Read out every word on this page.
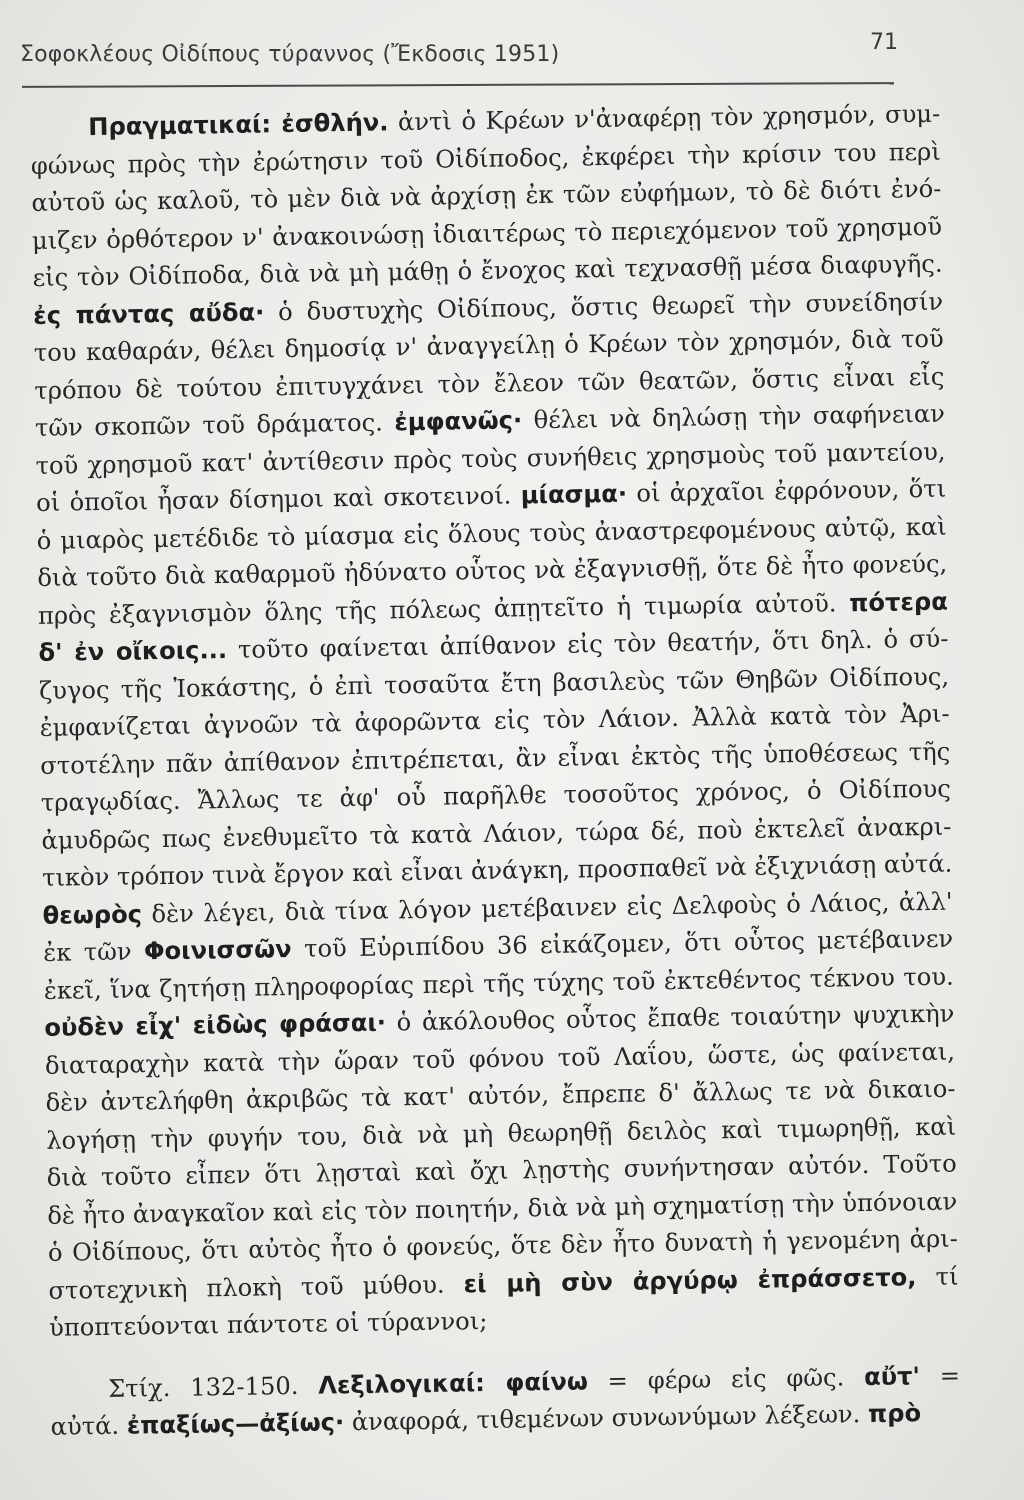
Σοφοκλέους Οἰδίπους τύραννος (Ἔκδοσις 1951)	71
Πραγματικαί: ἐσθλήν. ἀντὶ ὁ Κρέων ν'ἀναφέρῃ τὸν χρησμόν, συμ-
φώνως πρὸς τὴν ἐρώτησιν τοῦ Οἰδίποδος, ἐκφέρει τὴν κρίσιν του περὶ
αὐτοῦ ὡς καλοῦ, τὸ μὲν διὰ νὰ ἀρχίσῃ ἐκ τῶν εὐφήμων, τὸ δὲ διότι ἐνό-
μιζεν ὀρθότερον ν' ἀνακοινώσῃ ἰδιαιτέρως τὸ περιεχόμενον τοῦ χρησμοῦ
εἰς τὸν Οἰδίποδα, διὰ νὰ μὴ μάθῃ ὁ ἔνοχος καὶ τεχνασθῇ μέσα διαφυγῆς.
ἐς πάντας αὔδα· ὁ δυστυχὴς Οἰδίπους, ὅστις θεωρεῖ τὴν συνείδησίν
του καθαράν, θέλει δημοσίᾳ ν' ἀναγγείλῃ ὁ Κρέων τὸν χρησμόν, διὰ τοῦ
τρόπου δὲ τούτου ἐπιτυγχάνει τὸν ἔλεον τῶν θεατῶν, ὅστις εἶναι εἷς
τῶν σκοπῶν τοῦ δράματος. ἐμφανῶς· θέλει νὰ δηλώσῃ τὴν σαφήνειαν
τοῦ χρησμοῦ κατ' ἀντίθεσιν πρὸς τοὺς συνήθεις χρησμοὺς τοῦ μαντείου,
οἱ ὁποῖοι ἦσαν δίσημοι καὶ σκοτεινοί. μίασμα· οἱ ἀρχαῖοι ἐφρόνουν, ὅτι
ὁ μιαρὸς μετέδιδε τὸ μίασμα εἰς ὅλους τοὺς ἀναστρεφομένους αὐτῷ, καὶ
διὰ τοῦτο διὰ καθαρμοῦ ἠδύνατο οὗτος νὰ ἐξαγνισθῇ, ὅτε δὲ ἦτο φονεύς,
πρὸς ἐξαγνισμὸν ὅλης τῆς πόλεως ἀπῃτεῖτο ἡ τιμωρία αὐτοῦ. πότερα
δ' ἐν οἴκοις... τοῦτο φαίνεται ἀπίθανον εἰς τὸν θεατήν, ὅτι δηλ. ὁ σύ-
ζυγος τῆς Ἰοκάστης, ὁ ἐπὶ τοσαῦτα ἔτη βασιλεὺς τῶν Θηβῶν Οἰδίπους,
ἐμφανίζεται ἀγνοῶν τὰ ἀφορῶντα εἰς τὸν Λάιον. Ἀλλὰ κατὰ τὸν Ἀρι-
στοτέλην πᾶν ἀπίθανον ἐπιτρέπεται, ἂν εἶναι ἐκτὸς τῆς ὑποθέσεως τῆς
τραγῳδίας. Ἄλλως τε ἀφ' οὗ παρῆλθε τοσοῦτος χρόνος, ὁ Οἰδίπους
ἀμυδρῶς πως ἐνεθυμεῖτο τὰ κατὰ Λάιον, τώρα δέ, ποὺ ἐκτελεῖ ἀνακρι-
τικὸν τρόπον τινὰ ἔργον καὶ εἶναι ἀνάγκη, προσπαθεῖ νὰ ἐξιχνιάσῃ αὐτά.
θεωρὸς δὲν λέγει, διὰ τίνα λόγον μετέβαινεν εἰς Δελφοὺς ὁ Λάιος, ἀλλ'
ἐκ τῶν Φοινισσῶν τοῦ Εὐριπίδου 36 εἰκάζομεν, ὅτι οὗτος μετέβαινεν
ἐκεῖ, ἵνα ζητήσῃ πληροφορίας περὶ τῆς τύχης τοῦ ἐκτεθέντος τέκνου του.
οὐδὲν εἶχ' εἰδὼς φράσαι· ὁ ἀκόλουθος οὗτος ἔπαθε τοιαύτην ψυχικὴν
διαταραχὴν κατὰ τὴν ὥραν τοῦ φόνου τοῦ Λαΐου, ὥστε, ὡς φαίνεται,
δὲν ἀντελήφθη ἀκριβῶς τὰ κατ' αὐτόν, ἔπρεπε δ' ἄλλως τε νὰ δικαιο-
λογήσῃ τὴν φυγήν του, διὰ νὰ μὴ θεωρηθῇ δειλὸς καὶ τιμωρηθῇ, καὶ
διὰ τοῦτο εἶπεν ὅτι λῃσταὶ καὶ ὄχι λῃστὴς συνήντησαν αὐτόν. Τοῦτο
δὲ ἦτο ἀναγκαῖον καὶ εἰς τὸν ποιητήν, διὰ νὰ μὴ σχηματίσῃ τὴν ὑπόνοιαν
ὁ Οἰδίπους, ὅτι αὐτὸς ἦτο ὁ φονεύς, ὅτε δὲν ἦτο δυνατὴ ἡ γενομένη ἀρι-
στοτεχνικὴ πλοκὴ τοῦ μύθου. εἰ μὴ σὺν ἀργύρῳ ἐπράσσετο, τί
ὑποπτεύονται πάντοτε οἱ τύραννοι;
Στίχ. 132-150. Λεξιλογικαί: φαίνω = φέρω εἰς φῶς. αὔτ' =
αὐτά. ἐπαξίως—ἀξίως· ἀναφορά, τιθεμένων συνωνύμων λέξεων. πρὸ
